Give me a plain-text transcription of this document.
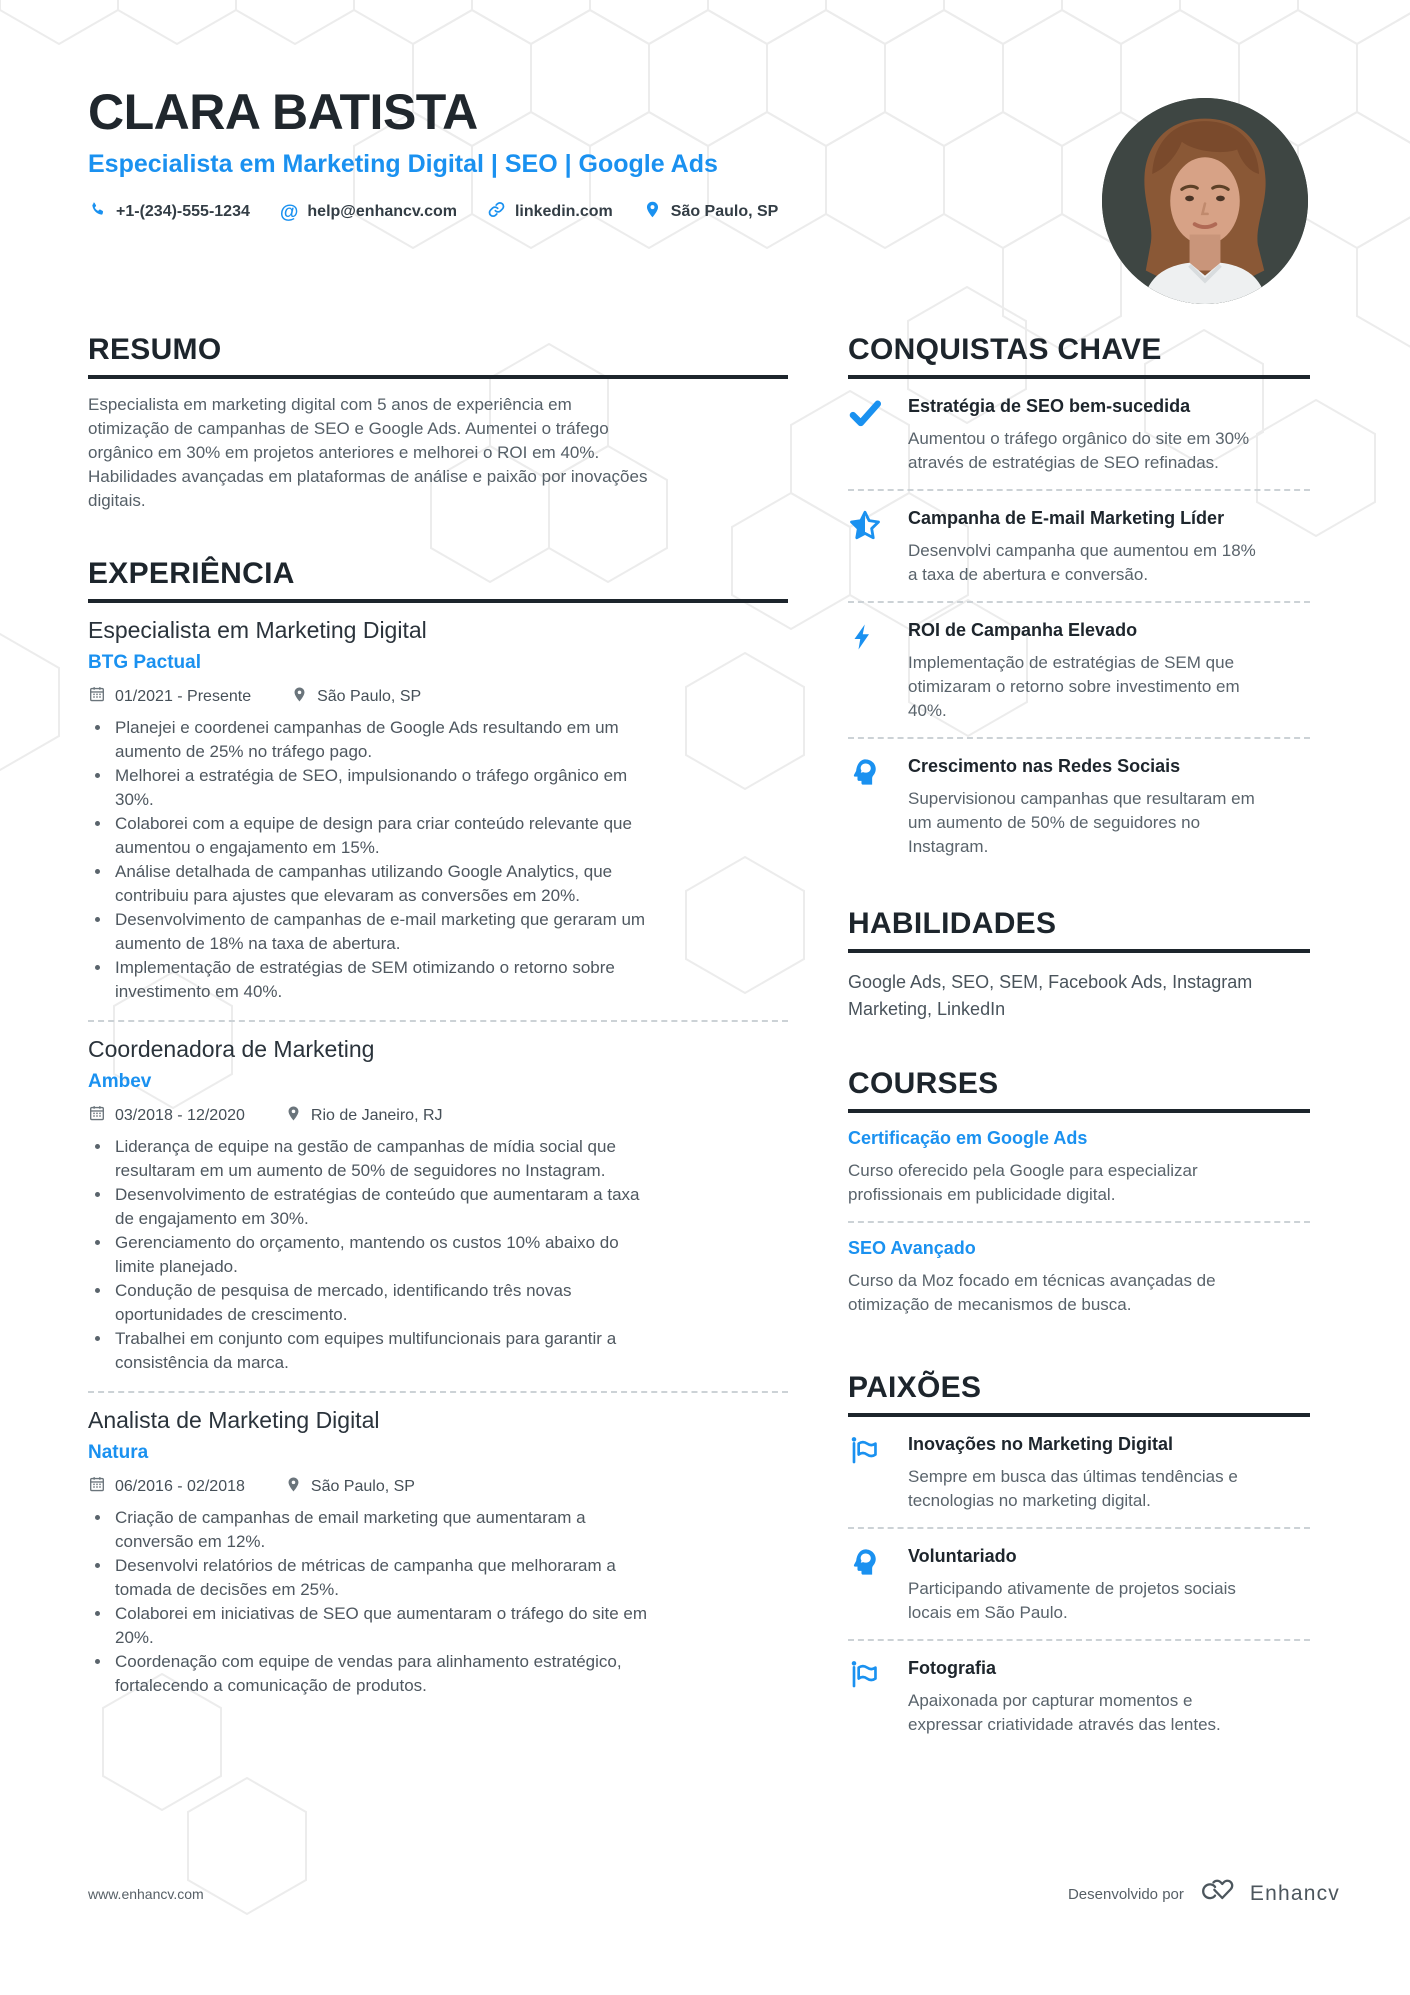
CLARA BATISTA
Especialista em Marketing Digital | SEO | Google Ads
+1-(234)-555-1234 @ help@enhancv.com	linkedin.com	São Paulo, SP
RESUMO

Especialista em marketing digital com 5 anos de experiência em otimização de campanhas de SEO e Google Ads. Aumentei o tráfego orgânico em 30% em projetos anteriores e melhorei o ROI em 40%. Habilidades avançadas em plataformas de análise e paixão por inovações digitais.

EXPERIÊNCIA
Especialista em Marketing Digital
BTG Pactual
01/2021 - Presente	São Paulo, SP
• Planejei e coordenei campanhas de Google Ads resultando em um aumento de 25% no tráfego pago.
• Melhorei a estratégia de SEO, impulsionando o tráfego orgânico em 30%.
• Colaborei com a equipe de design para criar conteúdo relevante que aumentou o engajamento em 15%.
• Análise detalhada de campanhas utilizando Google Analytics, que contribuiu para ajustes que elevaram as conversões em 20%.
• Desenvolvimento de campanhas de e-mail marketing que geraram um aumento de 18% na taxa de abertura.
• Implementação de estratégias de SEM otimizando o retorno sobre investimento em 40%.
Coordenadora de Marketing
Ambev
03/2018 - 12/2020	Rio de Janeiro, RJ
• Liderança de equipe na gestão de campanhas de mídia social que resultaram em um aumento de 50% de seguidores no Instagram.
• Desenvolvimento de estratégias de conteúdo que aumentaram a taxa de engajamento em 30%.
• Gerenciamento do orçamento, mantendo os custos 10% abaixo do limite planejado.
• Condução de pesquisa de mercado, identificando três novas oportunidades de crescimento.
• Trabalhei em conjunto com equipes multifuncionais para garantir a consistência da marca.
Analista de Marketing Digital
Natura
06/2016 - 02/2018	São Paulo, SP
• Criação de campanhas de email marketing que aumentaram a conversão em 12%.
• Desenvolvi relatórios de métricas de campanha que melhoraram a tomada de decisões em 25%.
• Colaborei em iniciativas de SEO que aumentaram o tráfego do site em 20%.
• Coordenação com equipe de vendas para alinhamento estratégico, fortalecendo a comunicação de produtos.
CONQUISTAS CHAVE
Estratégia de SEO bem-sucedida
Aumentou o tráfego orgânico do site em 30% através de estratégias de SEO refinadas.
Campanha de E-mail Marketing Líder
Desenvolvi campanha que aumentou em 18% a taxa de abertura e conversão.
ROI de Campanha Elevado
Implementação de estratégias de SEM que otimizaram o retorno sobre investimento em 40%.
Crescimento nas Redes Sociais
Supervisionou campanhas que resultaram em um aumento de 50% de seguidores no Instagram.
HABILIDADES
Google Ads, SEO, SEM, Facebook Ads, Instagram Marketing, LinkedIn
COURSES
Certificação em Google Ads
Curso oferecido pela Google para especializar profissionais em publicidade digital.
SEO Avançado
Curso da Moz focado em técnicas avançadas de otimização de mecanismos de busca.
PAIXÕES
Inovações no Marketing Digital
Sempre em busca das últimas tendências e tecnologias no marketing digital.
Voluntariado
Participando ativamente de projetos sociais locais em São Paulo.
Fotografia
Apaixonada por capturar momentos e expressar criatividade através das lentes.
www.enhancv.com	Desenvolvido por	Enhancv
